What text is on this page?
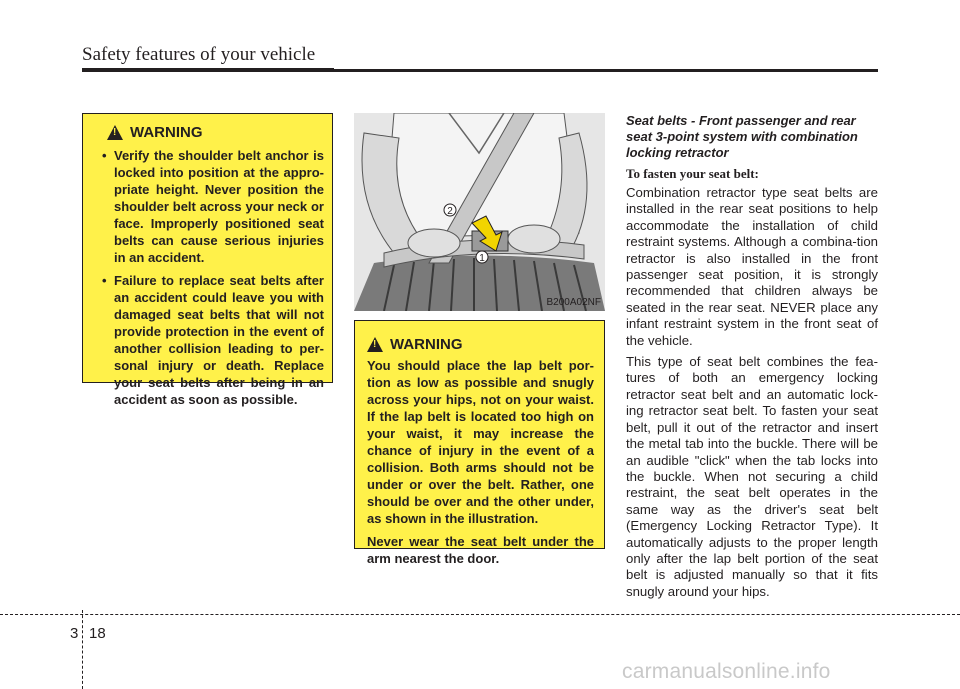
Safety features of your vehicle
! WARNING
• Verify the shoulder belt anchor is locked into position at the appro-priate height. Never position the shoulder belt across your neck or face. Improperly positioned seat belts can cause serious injuries in an accident.
• Failure to replace seat belts after an accident could leave you with damaged seat belts that will not provide protection in the event of another collision leading to per-sonal injury or death. Replace your seat belts after being in an accident as soon as possible.
1
2
B200A02NF
! WARNING

You should place the lap belt por-tion as low as possible and snugly across your hips, not on your waist. If the lap belt is located too high on your waist, it may increase the chance of injury in the event of a collision. Both arms should not be under or over the belt. Rather, one should be over and the other under, as shown in the illustration.

Never wear the seat belt under the arm nearest the door.

Seat belts - Front passenger and rear seat 3-point system with combination locking retractor

To fasten your seat belt:

Combination retractor type seat belts are installed in the rear seat positions to help accommodate the installation of child restraint systems. Although a combina-tion retractor is also installed in the front passenger seat position, it is strongly recommended that children always be seated in the rear seat. NEVER place any infant restraint system in the front seat of the vehicle.

This type of seat belt combines the fea-tures of both an emergency locking retractor seat belt and an automatic lock-ing retractor seat belt. To fasten your seat belt, pull it out of the retractor and insert the metal tab into the buckle. There will be an audible "click" when the tab locks into the buckle. When not securing a child restraint, the seat belt operates in the same way as the driver's seat belt (Emergency Locking Retractor Type). It automatically adjusts to the proper length only after the lap belt portion of the seat belt is adjusted manually so that it fits snugly around your hips.

3 18
carmanualsonline.info
